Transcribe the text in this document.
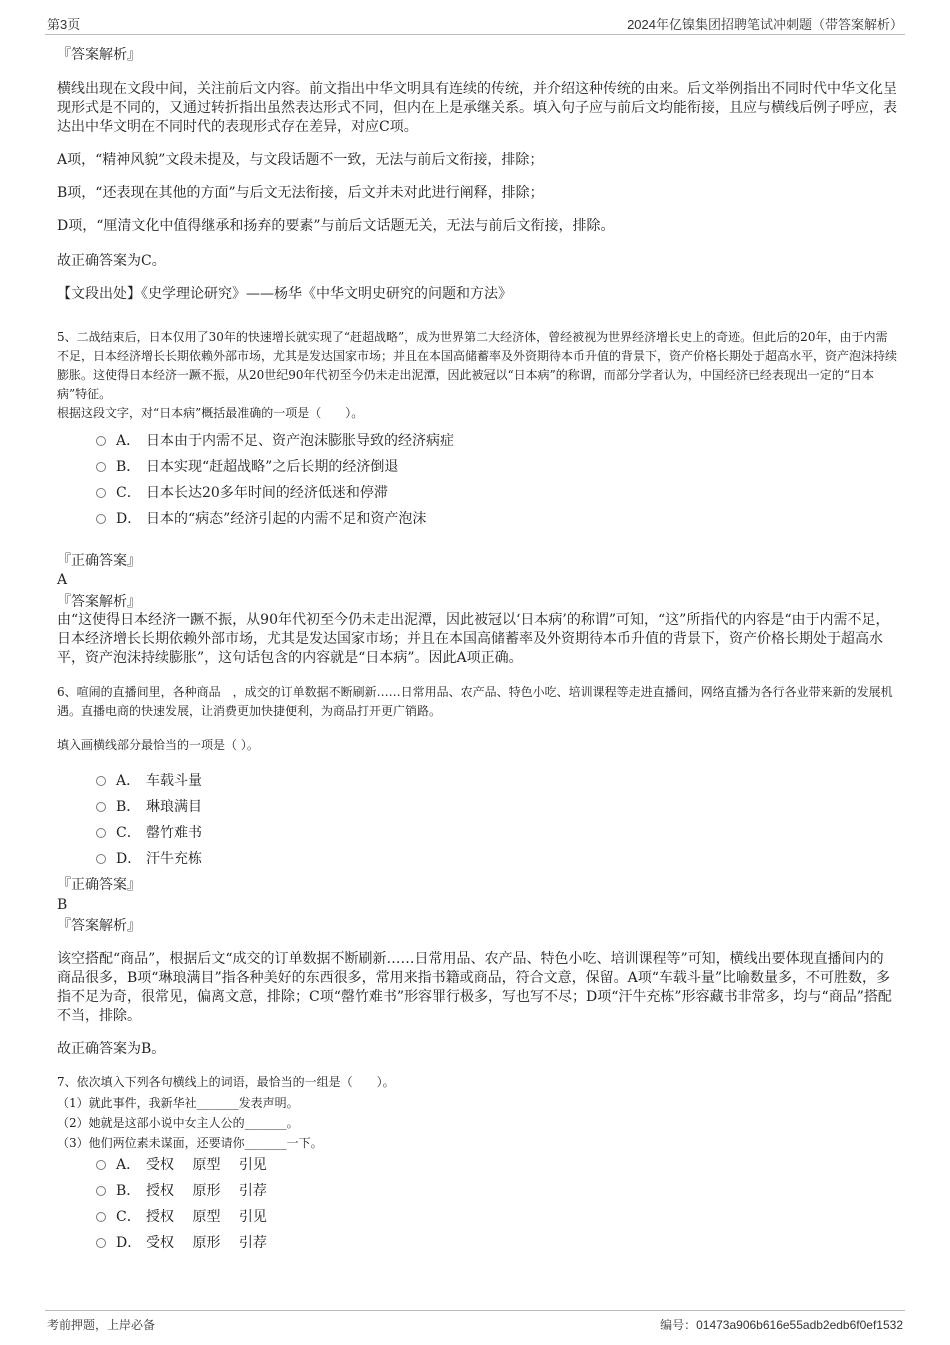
第3页	2024年亿镍集团招聘笔试冲刺题（带答案解析）
『答案解析』
横线出现在文段中间，关注前后文内容。前文指出中华文明具有连续的传统，并介绍这种传统的由来。后文举例指出不同时代中华文化呈现形式是不同的，又通过转折指出虽然表达形式不同，但内在上是承继关系。填入句子应与前后文均能衔接，且应与横线后例子呼应，表达出中华文明在不同时代的表现形式存在差异，对应C项。
A项，“精神风貌”文段未提及，与文段话题不一致，无法与前后文衔接，排除；
B项，“还表现在其他的方面”与后文无法衔接，后文并未对此进行阐释，排除；
D项，“厘清文化中值得继承和扬弃的要素”与前后文话题无关，无法与前后文衔接，排除。
故正确答案为C。
【文段出处】《史学理论研究》——杨华《中华文明史研究的问题和方法》
5、二战结束后，日本仅用了30年的快速增长就实现了“赶超战略”，成为世界第二大经济体，曾经被视为世界经济增长史上的奇迹。但此后的20年，由于内需不足，日本经济增长长期依赖外部市场，尤其是发达国家市场；并且在本国高储蓄率及外资期待本币升值的背景下，资产价格长期处于超高水平，资产泡沫持续膨胀。这使得日本经济一蹶不振，从20世纪90年代初至今仍未走出泥潭，因此被冠以“日本病”的称谓，而部分学者认为，中国经济已经表现出一定的“日本病”特征。
根据这段文字，对“日本病”概括最准确的一项是（　　）。
A． 日本由于内需不足、资产泡沫膨胀导致的经济病症
B． 日本实现“赶超战略”之后长期的经济倒退
C． 日本长达20多年时间的经济低迷和停滞
D． 日本的“病态”经济引起的内需不足和资产泡沫
『正确答案』
A
『答案解析』
由“这使得日本经济一蹶不振，从90年代初至今仍未走出泥潭，因此被冠以‘日本病’的称谓”可知，“这”所指代的内容是“由于内需不足，日本经济增长长期依赖外部市场，尤其是发达国家市场；并且在本国高储蓄率及外资期待本币升值的背景下，资产价格长期处于超高水平，资产泡沫持续膨胀”，这句话包含的内容就是“日本病”。因此A项正确。
6、喧闹的直播间里，各种商品　，成交的订单数据不断刷新……日常用品、农产品、特色小吃、培训课程等走进直播间，网络直播为各行各业带来新的发展机遇。直播电商的快速发展，让消费更加快捷便利，为商品打开更广销路。
填入画横线部分最恰当的一项是（ ）。
A． 车载斗量
B． 琳琅满目
C． 罄竹难书
D． 汗牛充栋
『正确答案』
B
『答案解析』
该空搭配“商品”，根据后文“成交的订单数据不断刷新……日常用品、农产品、特色小吃、培训课程等”可知，横线出要体现直播间内的商品很多，B项“琳琅满目”指各种美好的东西很多，常用来指书籍或商品，符合文意，保留。A项“车载斗量”比喻数量多，不可胜数，多指不足为奇，很常见，偏离文意，排除；C项“罄竹难书”形容罪行极多，写也写不尽；D项“汗牛充栋”形容藏书非常多，均与“商品”搭配不当，排除。
故正确答案为B。
7、依次填入下列各句横线上的词语，最恰当的一组是（　　）。
（1）就此事件，我新华社_______发表声明。
（2）她就是这部小说中女主人公的_______。
（3）他们两位素未谋面，还要请你_______一下。
A． 受权　 原型　 引见
B． 授权　 原形　 引荐
C． 授权　 原型　 引见
D． 受权　 原形　 引荐
考前押题，上岸必备	编号：01473a906b616e55adb2edb6f0ef1532
